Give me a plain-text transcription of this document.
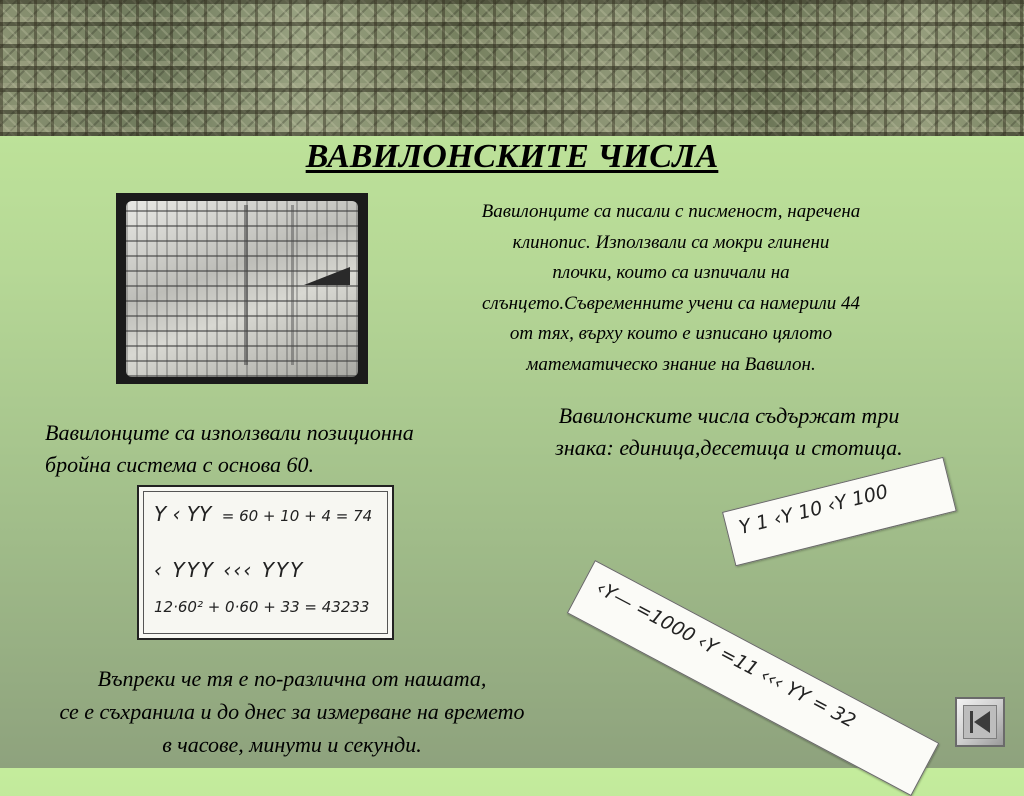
ВАВИЛОНСКИТЕ ЧИСЛА
Вавилонците са писали с писменост, наречена
клинопис. Използвали са мокри глинени
плочки, които са изпичали на
слънцето.Съвременните учени са намерили 44
от тях, върху които е изписано цялото
математическо знание на Вавилон.
Вавилонците са използвали позиционна
бройна система с основа 60.
Вавилонските числа съдържат три
знака: единица,десетица и стотица.
Y ‹ YY = 60 + 10 + 4 = 74
‹ YYY ‹‹‹ YYY
12·60² + 0·60 + 33 = 43233
Y 1 ‹Y 10 ‹Y 100
‹Y— =1000 ‹Y =11 ‹‹‹ YY = 32
Въпреки че тя е по-различна от нашата,
се е съхранила и до днес за измерване на времето
в часове, минути и секунди.
